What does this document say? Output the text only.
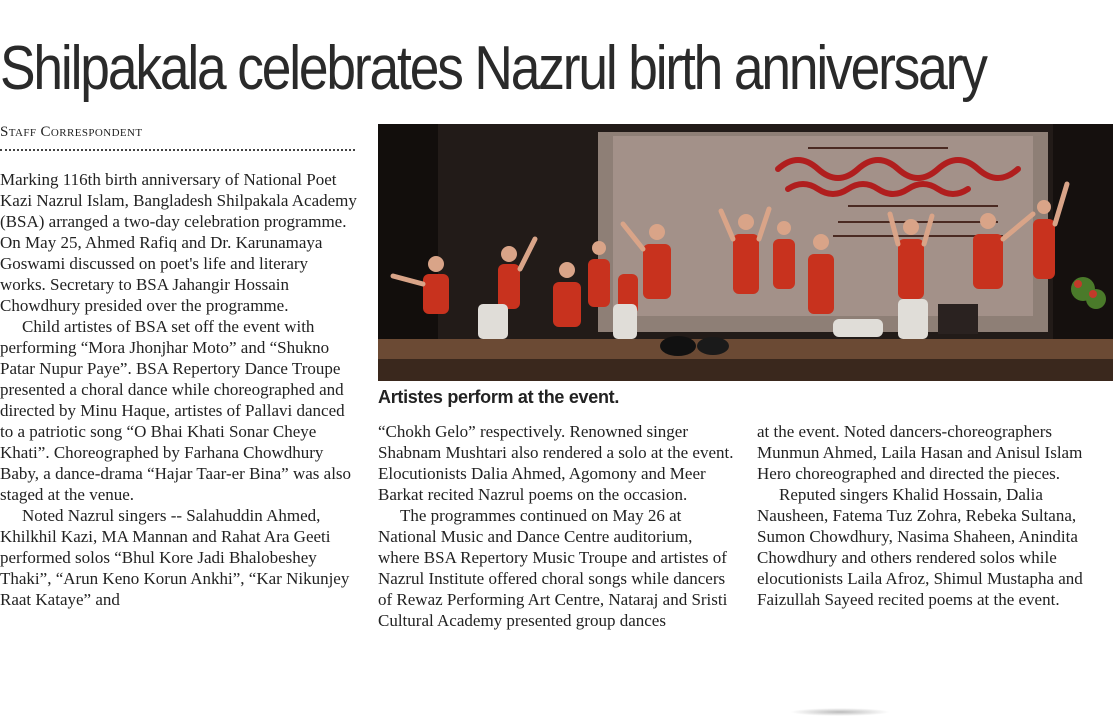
Shilpakala celebrates Nazrul birth anniversary
Staff Correspondent

Marking 116th birth anniversary of National Poet Kazi Nazrul Islam, Bangladesh Shilpakala Academy (BSA) arranged a two-day celebration programme. On May 25, Ahmed Rafiq and Dr. Karunamaya Goswami discussed on poet's life and literary works. Secretary to BSA Jahangir Hossain Chowdhury presided over the programme.

Child artistes of BSA set off the event with performing “Mora Jhonjhar Moto” and “Shukno Patar Nupur Paye”. BSA Repertory Dance Troupe presented a choral dance while choreographed and directed by Minu Haque, artistes of Pallavi danced to a patriotic song “O Bhai Khati Sonar Cheye Khati”. Choreographed by Farhana Chowdhury Baby, a dance-drama “Hajar Taar-er Bina” was also staged at the venue.

Noted Nazrul singers -- Salahuddin Ahmed, Khilkhil Kazi, MA Mannan and Rahat Ara Geeti performed solos “Bhul Kore Jadi Bhalobeshey Thaki”, “Arun Keno Korun Ankhi”, “Kar Nikunjey Raat Kataye” and

Artistes perform at the event.

“Chokh Gelo” respectively. Renowned singer Shabnam Mushtari also rendered a solo at the event. Elocutionists Dalia Ahmed, Agomony and Meer Barkat recited Nazrul poems on the occasion.

The programmes continued on May 26 at National Music and Dance Centre auditorium, where BSA Repertory Music Troupe and artistes of Nazrul Institute offered choral songs while dancers of Rewaz Performing Art Centre, Nataraj and Sristi Cultural Academy presented group dances

at the event. Noted dancers-choreographers Munmun Ahmed, Laila Hasan and Anisul Islam Hero choreographed and directed the pieces.

Reputed singers Khalid Hossain, Dalia Nausheen, Fatema Tuz Zohra, Rebeka Sultana, Sumon Chowdhury, Nasima Shaheen, Anindita Chowdhury and others rendered solos while elocutionists Laila Afroz, Shimul Mustapha and Faizullah Sayeed recited poems at the event.
